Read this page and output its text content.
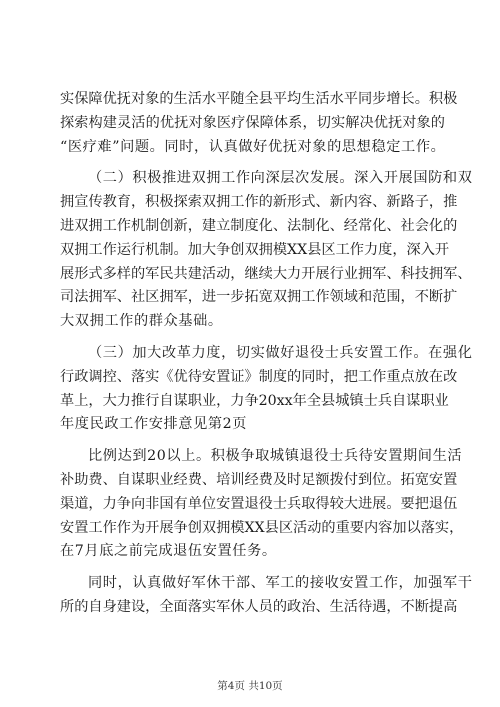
实保障优抚对象的生活水平随全县平均生活水平同步增长。积极
探索构建灵活的优抚对象医疗保障体系，切实解决优抚对象的
“医疗难”问题。同时，认真做好优抚对象的思想稳定工作。
（二）积极推进双拥工作向深层次发展。深入开展国防和双
拥宣传教育，积极探索双拥工作的新形式、新内容、新路子，推
进双拥工作机制创新，建立制度化、法制化、经常化、社会化的
双拥工作运行机制。加大争创双拥模XX县区工作力度，深入开
展形式多样的军民共建活动，继续大力开展行业拥军、科技拥军、
司法拥军、社区拥军，进一步拓宽双拥工作领域和范围，不断扩
大双拥工作的群众基础。
（三）加大改革力度，切实做好退役士兵安置工作。在强化
行政调控、落实《优待安置证》制度的同时，把工作重点放在改
革上，大力推行自谋职业，力争20xx年全县城镇士兵自谋职业
年度民政工作安排意见第2页
比例达到20以上。积极争取城镇退役士兵待安置期间生活
补助费、自谋职业经费、培训经费及时足额拨付到位。拓宽安置
渠道，力争向非国有单位安置退役士兵取得较大进展。要把退伍
安置工作作为开展争创双拥模XX县区活动的重要内容加以落实，
在7月底之前完成退伍安置任务。
同时，认真做好军休干部、军工的接收安置工作，加强军干
所的自身建设，全面落实军休人员的政治、生活待遇，不断提高
第4页 共10页
